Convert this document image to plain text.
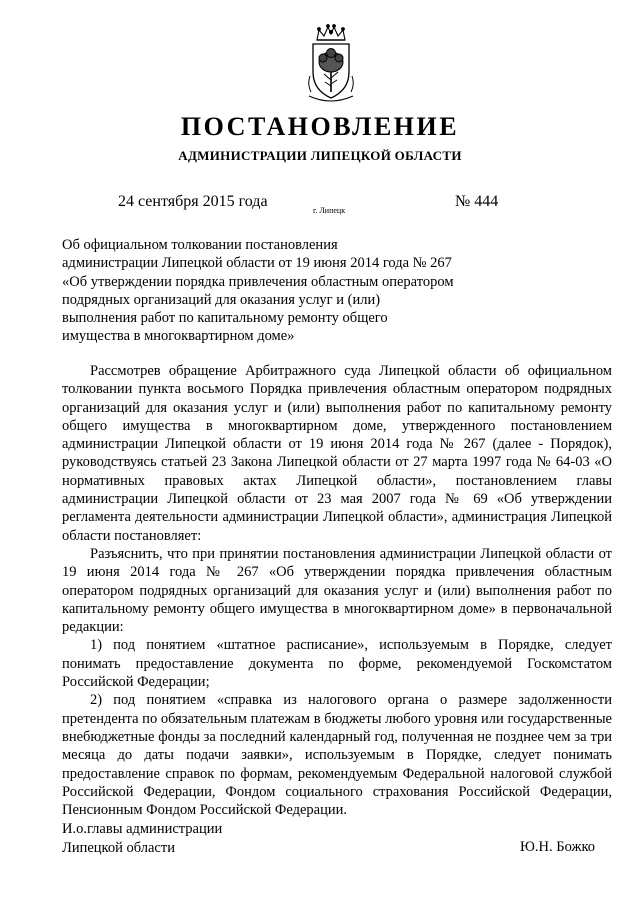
ПОСТАНОВЛЕНИЕ
АДМИНИСТРАЦИИ ЛИПЕЦКОЙ ОБЛАСТИ
24 сентября 2015 года
г. Липецк
№ 444
Об официальном толковании постановления
администрации Липецкой области от 19 июня 2014 года № 267
«Об утверждении порядка привлечения областным оператором
подрядных организаций для оказания услуг и (или)
выполнения работ по капитальному ремонту общего
имущества в многоквартирном доме»

Рассмотрев обращение Арбитражного суда Липецкой области об официальном толковании пункта восьмого Порядка привлечения областным оператором подрядных организаций для оказания услуг и (или) выполнения работ по капитальному ремонту общего имущества в многоквартирном доме, утвержденного постановлением администрации Липецкой области от 19 июня 2014 года № 267 (далее - Порядок), руководствуясь статьей 23 Закона Липецкой области от 27 марта 1997 года № 64-03 «О нормативных правовых актах Липецкой области», постановлением главы администрации Липецкой области от 23 мая 2007 года № 69 «Об утверждении регламента деятельности администрации Липецкой области», администрация Липецкой области постановляет:

Разъяснить, что при принятии постановления администрации Липецкой области от 19 июня 2014 года № 267 «Об утверждении порядка привлечения областным оператором подрядных организаций для оказания услуг и (или) выполнения работ по капитальному ремонту общего имущества в многоквартирном доме» в первоначальной редакции:

1) под понятием «штатное расписание», используемым в Порядке, следует понимать предоставление документа по форме, рекомендуемой Госкомстатом Российской Федерации;

2) под понятием «справка из налогового органа о размере задолженности претендента по обязательным платежам в бюджеты любого уровня или государственные внебюджетные фонды за последний календарный год, полученная не позднее чем за три месяца до даты подачи заявки», используемым в Порядке, следует понимать предоставление справок по формам, рекомендуемым Федеральной налоговой службой Российской Федерации, Фондом социального страхования Российской Федерации, Пенсионным Фондом Российской Федерации.

И.о.главы администрации
Липецкой области	Ю.Н. Божко
